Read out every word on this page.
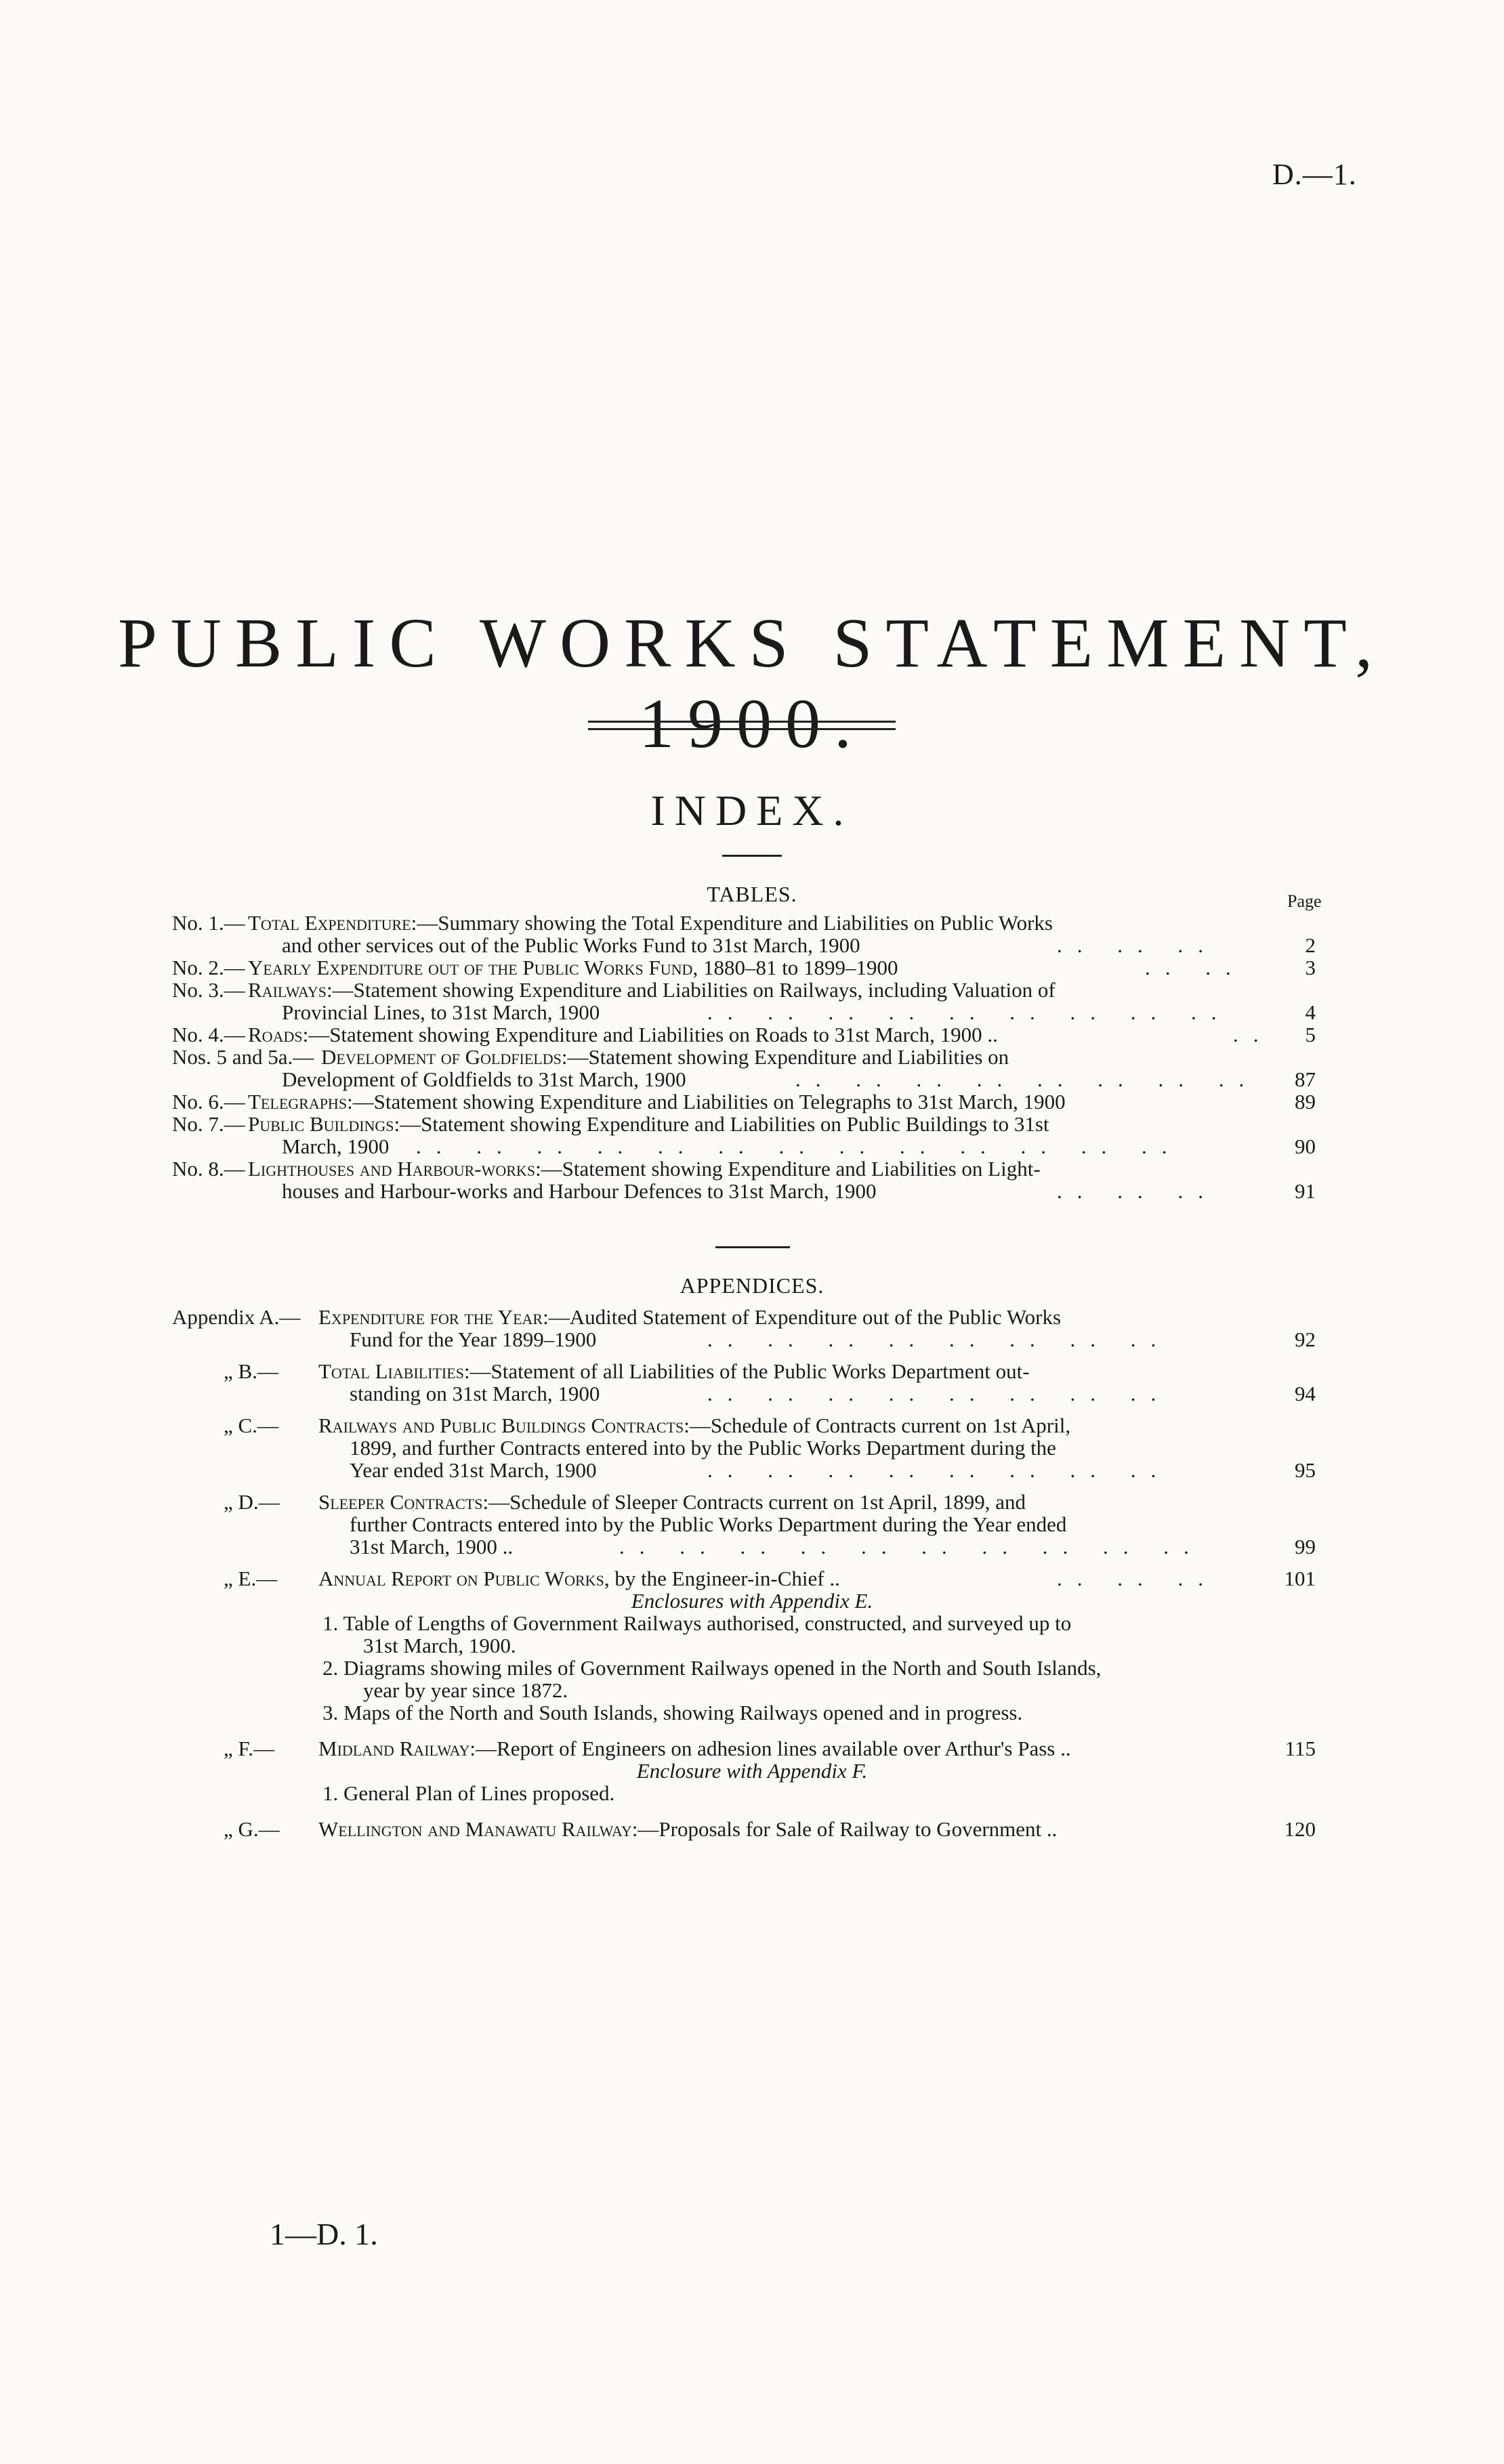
D.—1.
PUBLIC WORKS STATEMENT, 1900.
INDEX.
TABLES.	Page
No. 1.— Total Expenditure:—Summary showing the Total Expenditure and Liabilities on Public Works
and other services out of the Public Works Fund to 31st March, 1900	.. .. ..	2
No. 2.— Yearly Expenditure out of the Public Works Fund, 1880–81 to 1899–1900	.. ..	3
No. 3.— Railways:—Statement showing Expenditure and Liabilities on Railways, including Valuation of
Provincial Lines, to 31st March, 1900	.. .. .. .. .. .. .. .. ..	4
No. 4.— Roads:—Statement showing Expenditure and Liabilities on Roads to 31st March, 1900 ..	.. 5
Nos. 5 and 5a.— Development of Goldfields:—Statement showing Expenditure and Liabilities on
Development of Goldfields to 31st March, 1900	.. .. .. .. .. .. .. .. 87
No. 6.— Telegraphs:—Statement showing Expenditure and Liabilities on Telegraphs to 31st March, 1900	89
No. 7.— Public Buildings:—Statement showing Expenditure and Liabilities on Public Buildings to 31st
March, 1900 .. .. .. .. .. .. .. .. .. .. .. .. ..	90
No. 8.— Lighthouses and Harbour-works:—Statement showing Expenditure and Liabilities on Light-
houses and Harbour-works and Harbour Defences to 31st March, 1900	.. .. ..	91
APPENDICES.
Appendix A.— Expenditure for the Year:—Audited Statement of Expenditure out of the Public Works
Fund for the Year 1899–1900	.. .. .. .. .. .. .. ..	92
„ B.— Total Liabilities:—Statement of all Liabilities of the Public Works Department out-
standing on 31st March, 1900	.. .. .. .. .. .. .. ..	94
„ C.— Railways and Public Buildings Contracts:—Schedule of Contracts current on 1st April,
1899, and further Contracts entered into by the Public Works Department during the
Year ended 31st March, 1900	.. .. .. .. .. .. .. ..	95
„ D.— Sleeper Contracts:—Schedule of Sleeper Contracts current on 1st April, 1899, and
further Contracts entered into by the Public Works Department during the Year ended
31st March, 1900 ..	.. .. .. .. .. .. .. .. .. ..	99
„ E.— Annual Report on Public Works, by the Engineer-in-Chief ..	.. .. ..	101
Enclosures with Appendix E.
1. Table of Lengths of Government Railways authorised, constructed, and surveyed up to
31st March, 1900.
2. Diagrams showing miles of Government Railways opened in the North and South Islands,
year by year since 1872.
3. Maps of the North and South Islands, showing Railways opened and in progress.
„ F.— Midland Railway:—Report of Engineers on adhesion lines available over Arthur's Pass ..	115
Enclosure with Appendix F.
1. General Plan of Lines proposed.
„ G.— Wellington and Manawatu Railway:—Proposals for Sale of Railway to Government ..	120
1—D. 1.
